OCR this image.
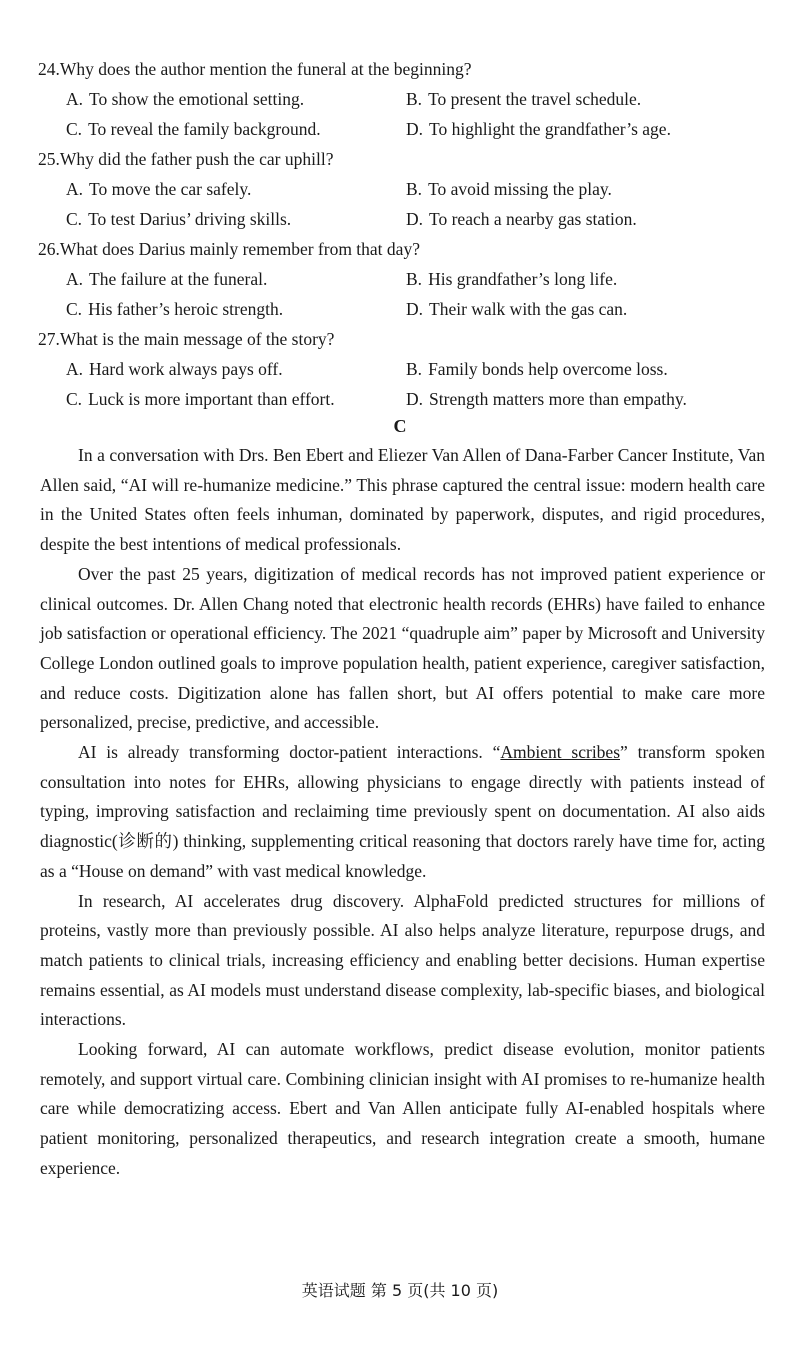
24.Why does the author mention the funeral at the beginning?
A. To show the emotional setting.	B. To present the travel schedule.
C. To reveal the family background.	D. To highlight the grandfather’s age.
25.Why did the father push the car uphill?
A. To move the car safely.	B. To avoid missing the play.
C. To test Darius’ driving skills.	D. To reach a nearby gas station.
26.What does Darius mainly remember from that day?
A. The failure at the funeral.	B. His grandfather’s long life.
C. His father’s heroic strength.	D. Their walk with the gas can.
27.What is the main message of the story?
A. Hard work always pays off.	B. Family bonds help overcome loss.
C. Luck is more important than effort.	D. Strength matters more than empathy.
C

In a conversation with Drs. Ben Ebert and Eliezer Van Allen of Dana-Farber Cancer Institute, Van Allen said, “AI will re-humanize medicine.” This phrase captured the central issue: modern health care in the United States often feels inhuman, dominated by paperwork, disputes, and rigid procedures, despite the best intentions of medical professionals.

Over the past 25 years, digitization of medical records has not improved patient experience or clinical outcomes. Dr. Allen Chang noted that electronic health records (EHRs) have failed to enhance job satisfaction or operational efficiency. The 2021 “quadruple aim” paper by Microsoft and University College London outlined goals to improve population health, patient experience, caregiver satisfaction, and reduce costs. Digitization alone has fallen short, but AI offers potential to make care more personalized, precise, predictive, and accessible.

AI is already transforming doctor-patient interactions. “Ambient scribes” transform spoken consultation into notes for EHRs, allowing physicians to engage directly with patients instead of typing, improving satisfaction and reclaiming time previously spent on documentation. AI also aids diagnostic(诊断的) thinking, supplementing critical reasoning that doctors rarely have time for, acting as a “House on demand” with vast medical knowledge.

In research, AI accelerates drug discovery. AlphaFold predicted structures for millions of proteins, vastly more than previously possible. AI also helps analyze literature, repurpose drugs, and match patients to clinical trials, increasing efficiency and enabling better decisions. Human expertise remains essential, as AI models must understand disease complexity, lab-specific biases, and biological interactions.

Looking forward, AI can automate workflows, predict disease evolution, monitor patients remotely, and support virtual care. Combining clinician insight with AI promises to re-humanize health care while democratizing access. Ebert and Van Allen anticipate fully AI-enabled hospitals where patient monitoring, personalized therapeutics, and research integration create a smooth, humane experience.

英语试题 第 5 页(共 10 页)
